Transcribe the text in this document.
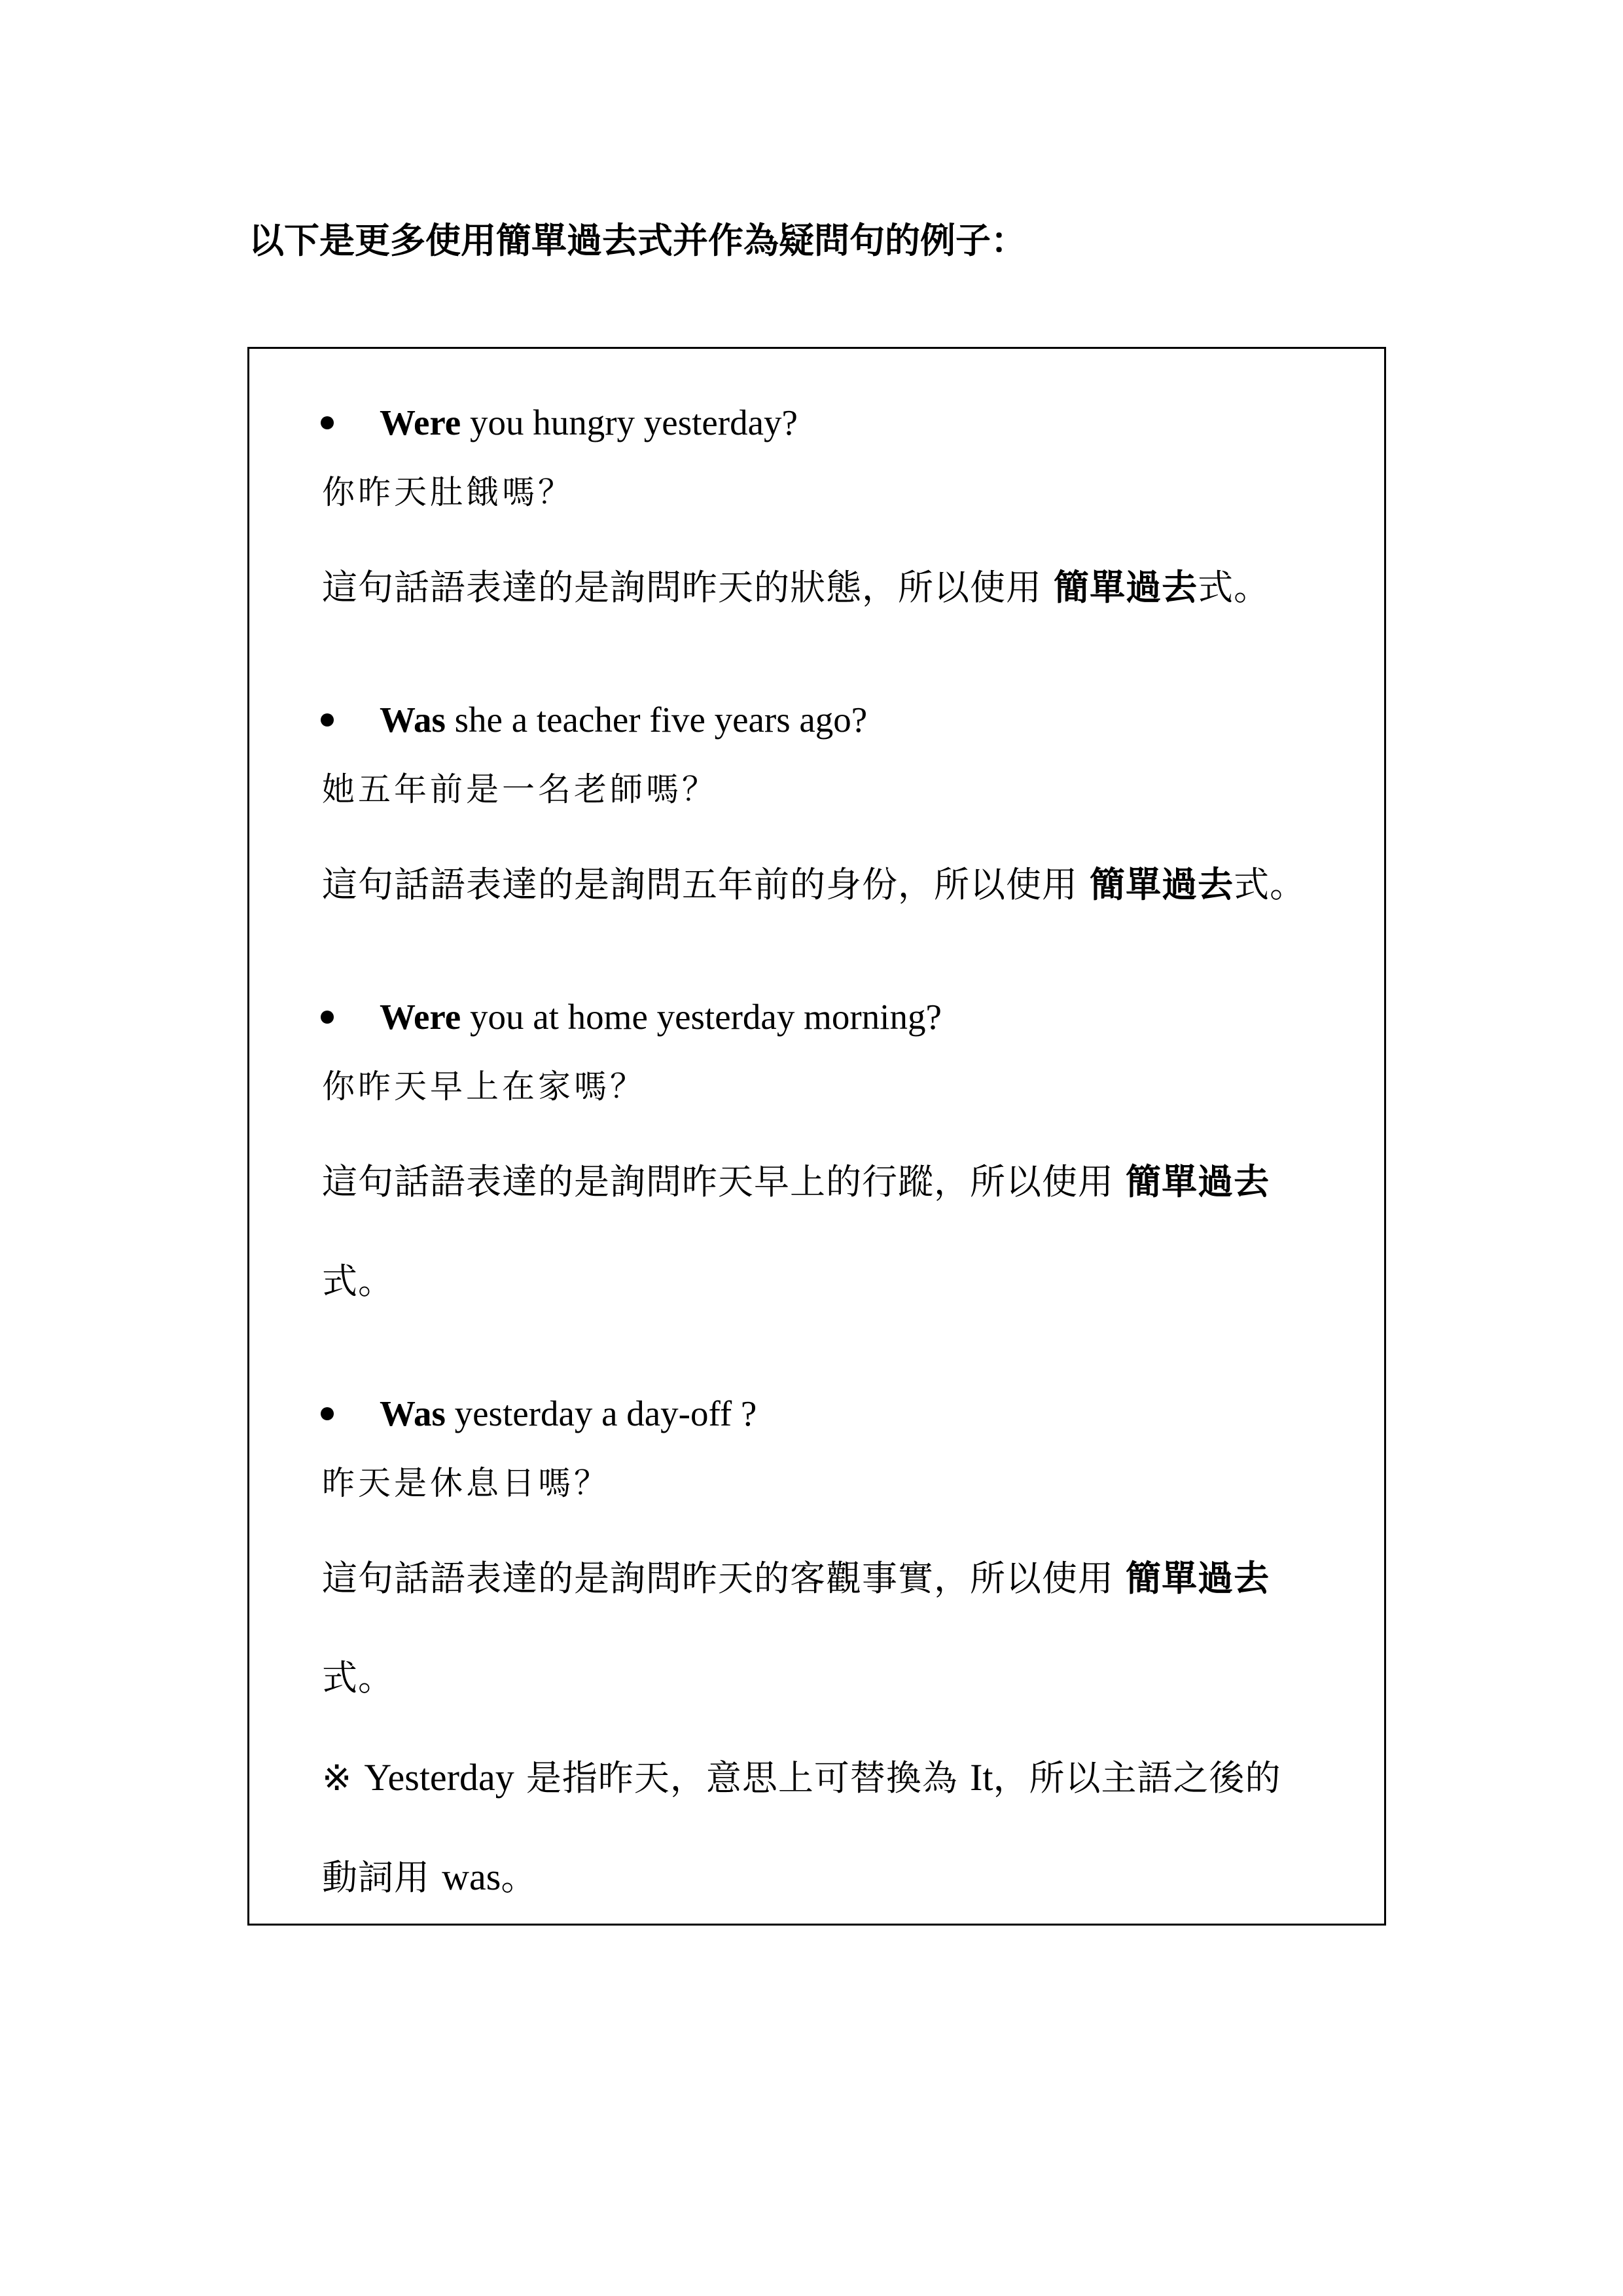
以下是更多使用簡單過去式并作為疑問句的例子：

Were you hungry yesterday?

你昨天肚餓嗎？

這句話語表達的是詢問昨天的狀態，所以使用 簡單過去式。

Was she a teacher five years ago?

她五年前是一名老師嗎？

這句話語表達的是詢問五年前的身份，所以使用 簡單過去式。

Were you at home yesterday morning?

你昨天早上在家嗎？

這句話語表達的是詢問昨天早上的行蹤，所以使用 簡單過去

式。

Was yesterday a day-off ?

昨天是休息日嗎？

這句話語表達的是詢問昨天的客觀事實，所以使用 簡單過去

式。

※ Yesterday 是指昨天，意思上可替換為 It，所以主語之後的

動詞用 was。
